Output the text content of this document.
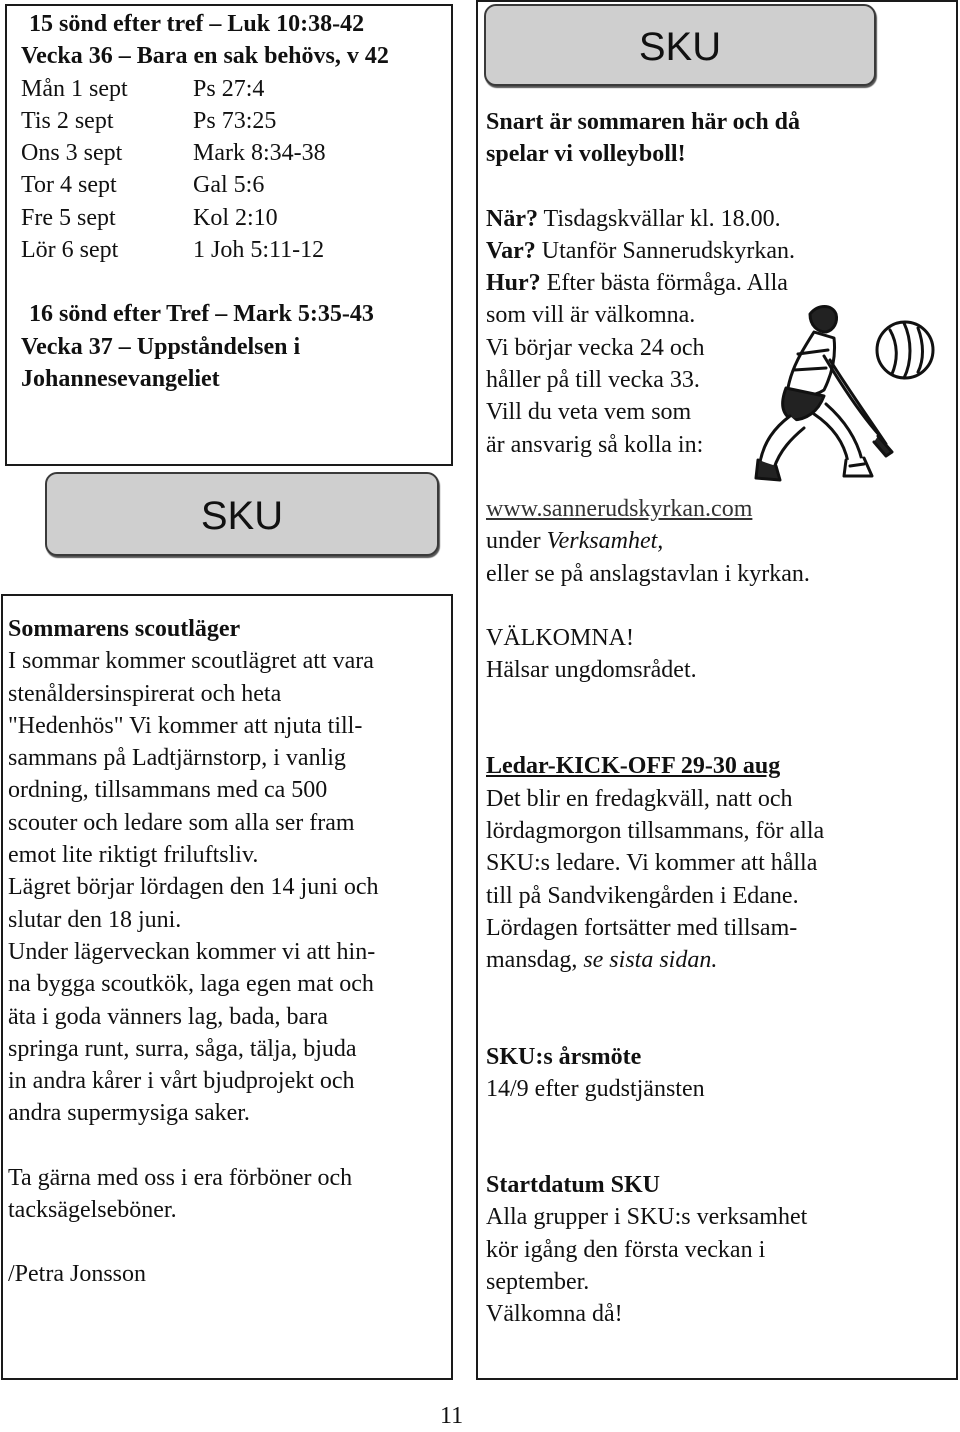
15 sönd efter tref – Luk 10:38-42
Vecka 36 – Bara en sak behövs, v 42
Mån 1 sept	Ps 27:4
Tis 2 sept	Ps 73:25
Ons 3 sept	Mark 8:34-38
Tor 4 sept	Gal 5:6
Fre 5 sept	Kol 2:10
Lör 6 sept	1 Joh 5:11-12
16 sönd efter Tref – Mark 5:35-43
Vecka 37 – Uppståndelsen i
Johannesevangeliet
SKU
Sommarens scoutläger
I sommar kommer scoutlägret att vara
stenåldersinspirerat och heta
"Hedenhös" Vi kommer att njuta till-
sammans på Ladtjärnstorp, i vanlig
ordning, tillsammans med ca 500
scouter och ledare som alla ser fram
emot lite riktigt friluftsliv.
Lägret börjar lördagen den 14 juni och
slutar den 18 juni.
Under lägerveckan kommer vi att hin-
na bygga scoutkök, laga egen mat och
äta i goda vänners lag, bada, bara
springa runt, surra, såga, tälja, bjuda
in andra kårer i vårt bjudprojekt och
andra supermysiga saker.
Ta gärna med oss i era förböner och
tacksägelseböner.
/Petra Jonsson
SKU
Snart är sommaren här och då
spelar vi volleyboll!
När? Tisdagskvällar kl. 18.00.
Var? Utanför Sannerudskyrkan.
Hur? Efter bästa förmåga. Alla
som vill är välkomna.
Vi börjar vecka 24 och
håller på till vecka 33.
Vill du veta vem som
är ansvarig så kolla in:
www.sannerudskyrkan.com
under Verksamhet,
eller se på anslagstavlan i kyrkan.
VÄLKOMNA!
Hälsar ungdomsrådet.
Ledar-KICK-OFF 29-30 aug
Det blir en fredagkväll, natt och
lördagmorgon tillsammans, för alla
SKU:s ledare. Vi kommer att hålla
till på Sandvikengården i Edane.
Lördagen fortsätter med tillsam-
mansdag, se sista sidan.
SKU:s årsmöte
14/9 efter gudstjänsten
Startdatum SKU
Alla grupper i SKU:s verksamhet
kör igång den första veckan i
september.
Välkomna då!
11
